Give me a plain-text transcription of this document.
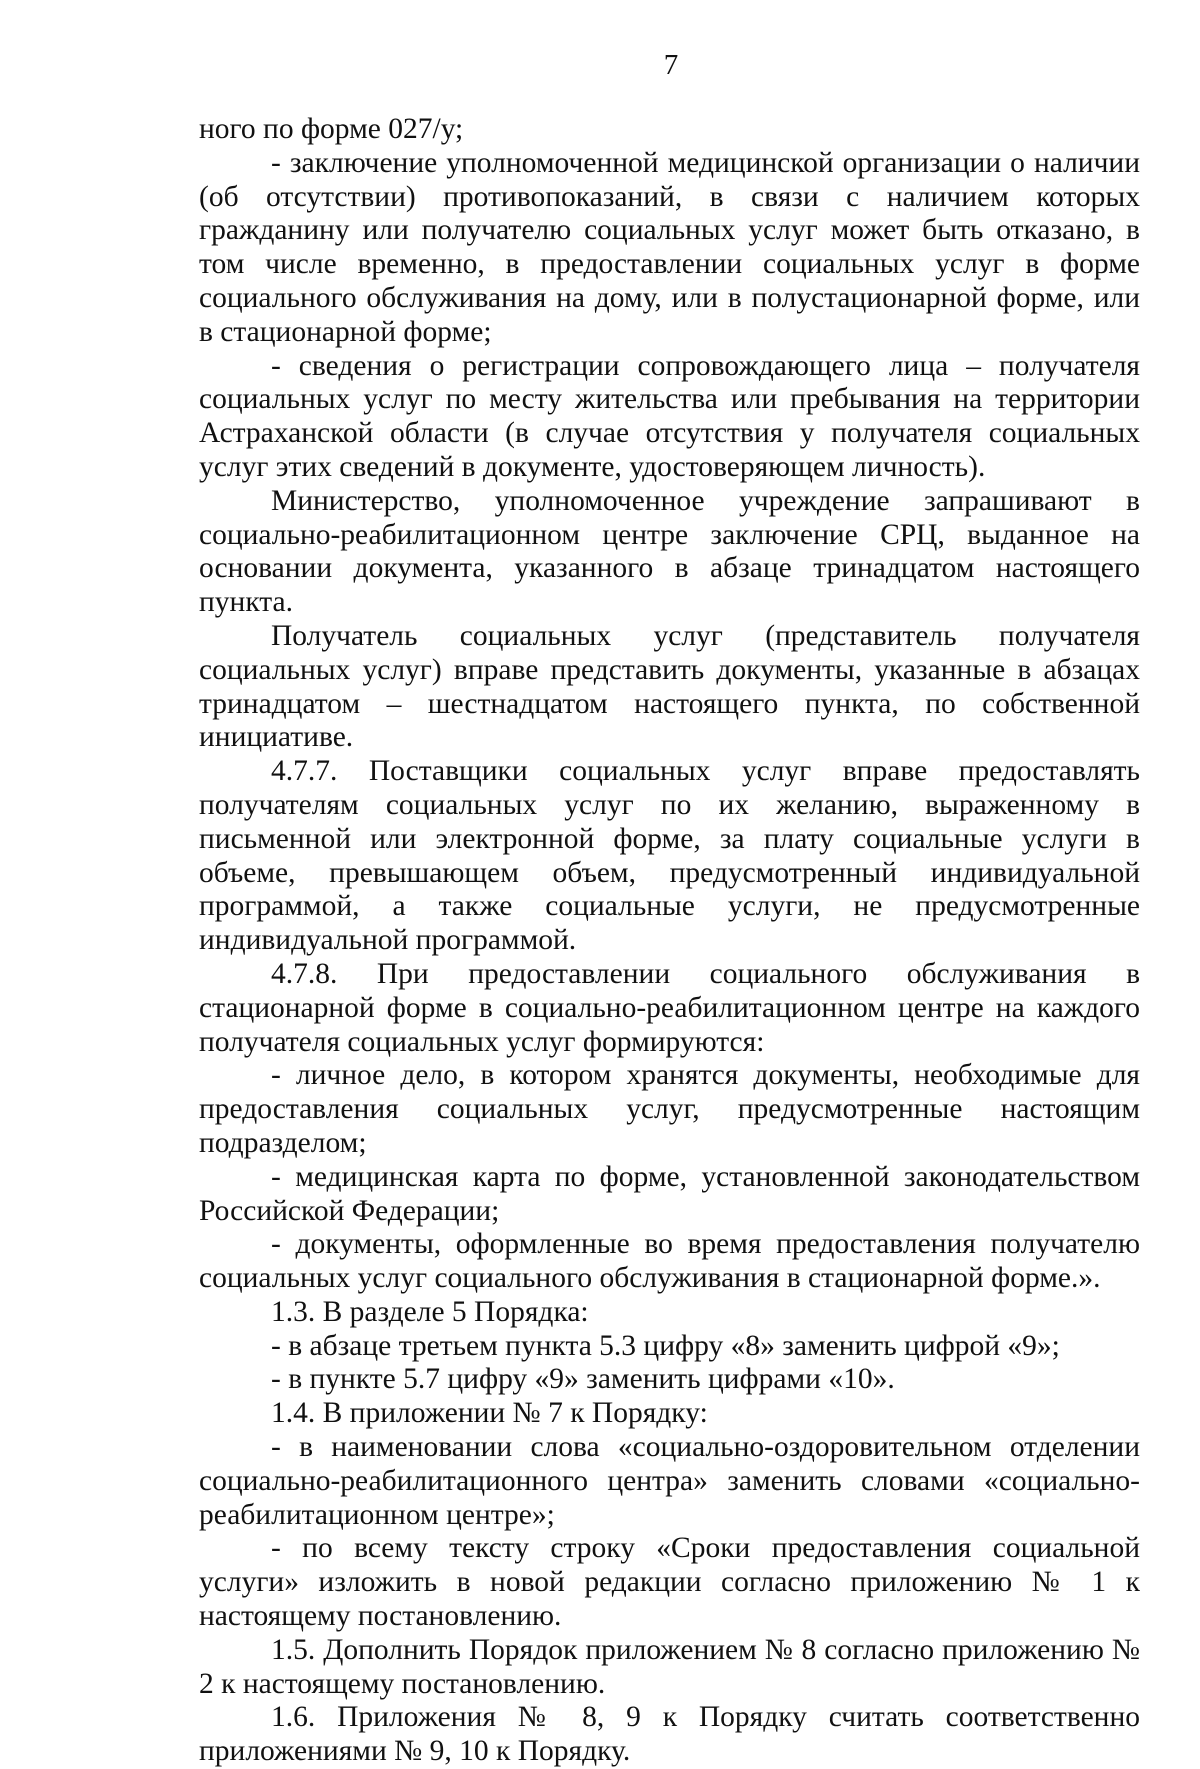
7

ного по форме 027/у;

- заключение уполномоченной медицинской организации о наличии (об отсутствии) противопоказаний, в связи с наличием которых гражданину или получателю социальных услуг может быть отказано, в том числе временно, в предоставлении социальных услуг в форме социального обслуживания на дому, или в полустационарной форме, или в стационарной форме;

- сведения о регистрации сопровождающего лица – получателя социальных услуг по месту жительства или пребывания на территории Астраханской области (в случае отсутствия у получателя социальных услуг этих сведений в документе, удостоверяющем личность).

Министерство, уполномоченное учреждение запрашивают в социально-реабилитационном центре заключение СРЦ, выданное на основании документа, указанного в абзаце тринадцатом настоящего пункта.

Получатель социальных услуг (представитель получателя социальных услуг) вправе представить документы, указанные в абзацах тринадцатом – шестнадцатом настоящего пункта, по собственной инициативе.

4.7.7. Поставщики социальных услуг вправе предоставлять получателям социальных услуг по их желанию, выраженному в письменной или электронной форме, за плату социальные услуги в объеме, превышающем объем, предусмотренный индивидуальной программой, а также социальные услуги, не предусмотренные индивидуальной программой.

4.7.8. При предоставлении социального обслуживания в стационарной форме в социально-реабилитационном центре на каждого получателя социальных услуг формируются:

- личное дело, в котором хранятся документы, необходимые для предоставления социальных услуг, предусмотренные настоящим подразделом;

- медицинская карта по форме, установленной законодательством Российской Федерации;

- документы, оформленные во время предоставления получателю социальных услуг социального обслуживания в стационарной форме.».

1.3. В разделе 5 Порядка:

- в абзаце третьем пункта 5.3 цифру «8» заменить цифрой «9»;

- в пункте 5.7 цифру «9» заменить цифрами «10».

1.4. В приложении № 7 к Порядку:

- в наименовании слова «социально-оздоровительном отделении социально-реабилитационного центра» заменить словами «социально-реабилитационном центре»;

- по всему тексту строку «Сроки предоставления социальной услуги» изложить в новой редакции согласно приложению № 1 к настоящему постановлению.

1.5. Дополнить Порядок приложением № 8 согласно приложению № 2 к настоящему постановлению.

1.6. Приложения № 8, 9 к Порядку считать соответственно приложениями № 9, 10 к Порядку.
